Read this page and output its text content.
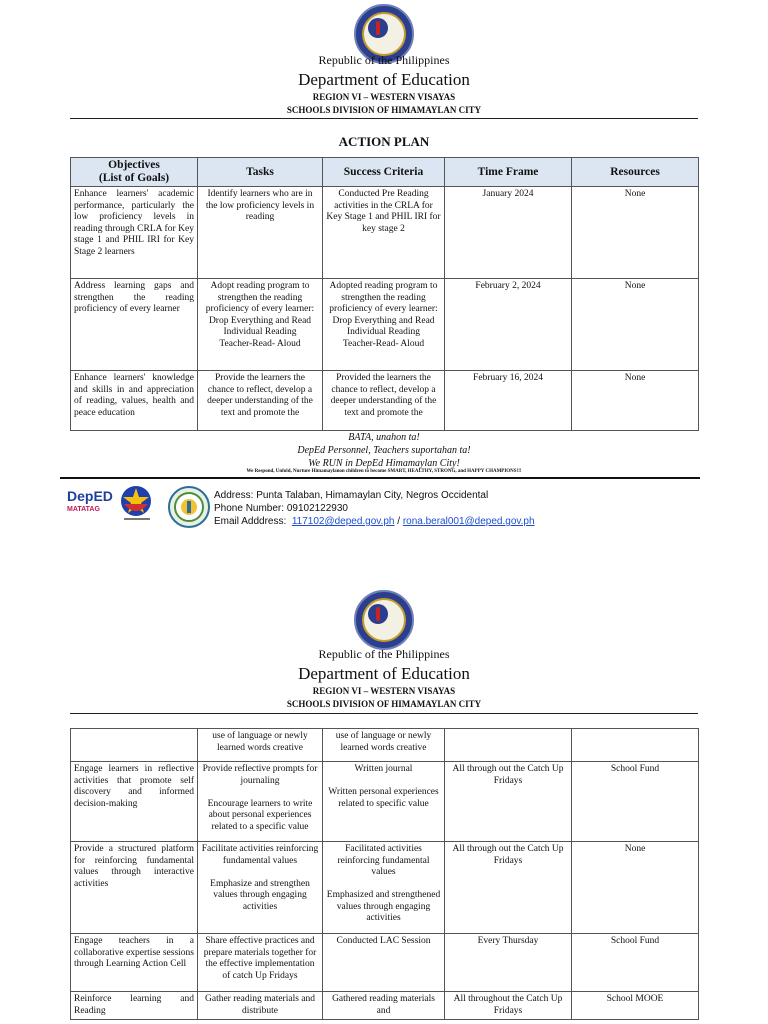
Republic of the Philippines
Department of Education
REGION VI – WESTERN VISAYAS
SCHOOLS DIVISION OF HIMAMAYLAN CITY
ACTION PLAN
Objectives
(List of Goals)	Tasks	Success Criteria	Time Frame	Resources
Enhance learners' academic performance, particularly the low proficiency levels in reading through CRLA for Key stage 1 and PHIL IRI for Key Stage 2 learners	Identify learners who are in the low proficiency levels in reading	Conducted Pre Reading activities in the CRLA for Key Stage 1 and PHIL IRI for key stage 2	January 2024	None
Address learning gaps and strengthen the reading proficiency of every learner	Adopt reading program to strengthen the reading proficiency of every learner:
Drop Everything and Read
Individual Reading
Teacher-Read- Aloud	Adopted reading program to strengthen the reading proficiency of every learner:
Drop Everything and Read
Individual Reading
Teacher-Read- Aloud	February 2, 2024	None
Enhance learners' knowledge and skills in and appreciation of reading, values, health and peace education	Provide the learners the chance to reflect, develop a deeper understanding of the text and promote the	Provided the learners the chance to reflect, develop a deeper understanding of the text and promote the	February 16, 2024	None
BATA, unahon ta!
DepEd Personnel, Teachers suportahan ta!
We RUN in DepEd Himamaylan City!
We Respond, Unfold, Nurture Himamaylanon children to become SMART, HEALTHY, STRONG, and HAPPY CHAMPIONS!!!
DepED
MATATAG
Address: Punta Talaban, Himamaylan City, Negros Occidental
Phone Number: 09102122930
Email Adddress:  117102@deped.gov.ph / rona.beral001@deped.gov.ph
Republic of the Philippines
Department of Education
REGION VI – WESTERN VISAYAS
SCHOOLS DIVISION OF HIMAMAYLAN CITY
	use of language or newly learned words creative	use of language or newly learned words creative		
Engage learners in reflective activities that promote self discovery and informed decision-making	Provide reflective prompts for journaling

Encourage learners to write about personal experiences related to a specific value	Written journal

Written personal experiences related to specific value	All through out the Catch Up Fridays	School Fund
Provide a structured platform for reinforcing fundamental values through interactive activities	Facilitate activities reinforcing fundamental values

Emphasize and strengthen values through engaging activities	Facilitated activities reinforcing fundamental values

Emphasized and strengthened values through engaging activities	All through out the Catch Up Fridays	None
Engage teachers in a collaborative expertise sessions through Learning Action Cell	Share effective practices and prepare materials together for the effective implementation of catch Up Fridays	Conducted LAC Session	Every Thursday	School Fund
Reinforce learning and Reading	Gather reading materials and distribute	Gathered reading materials and	All throughout the Catch Up Fridays	School MOOE
